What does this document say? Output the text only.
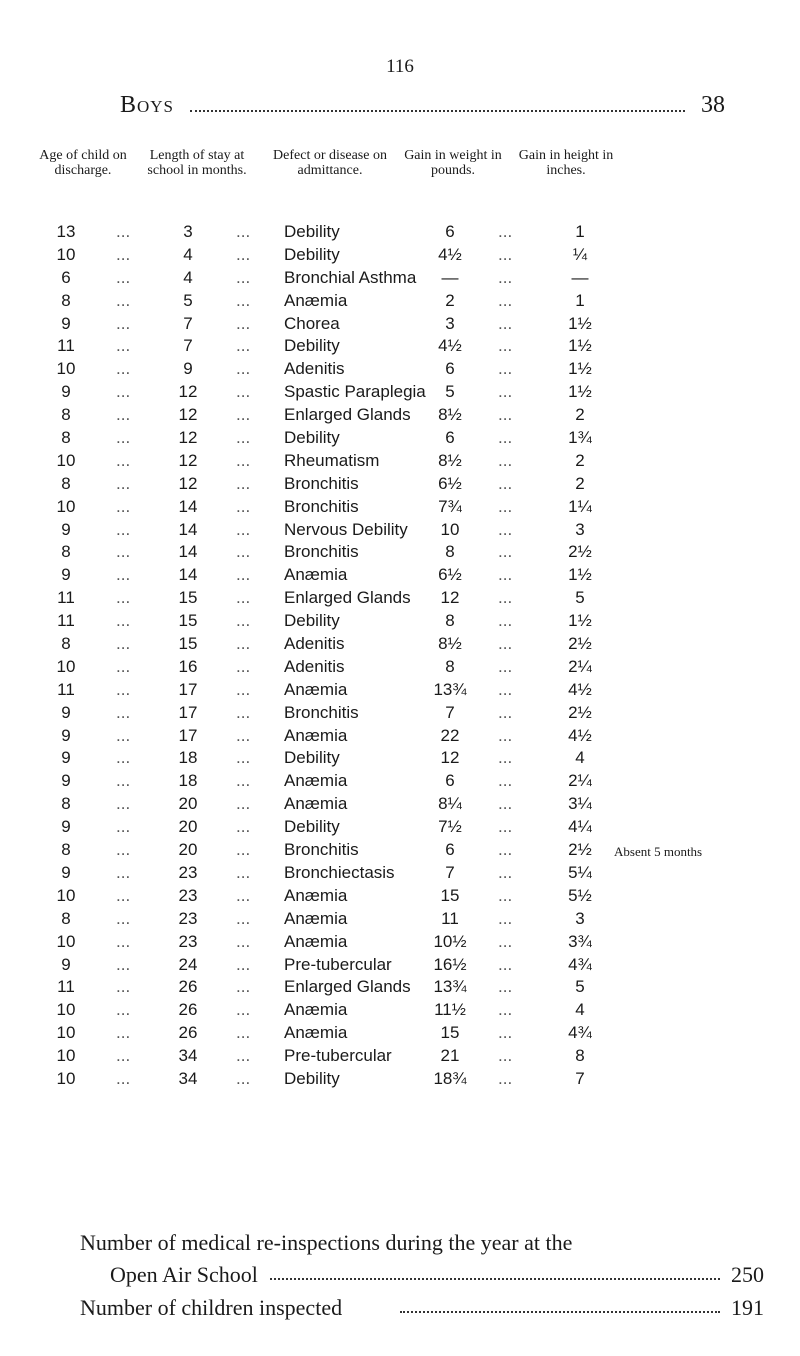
116
Boys	38
Age of child on discharge.
Length of stay at school in months.
Defect or disease on admittance.
Gain in weight in pounds.
Gain in height in inches.
13	...	3	... Debility	6	...	1
10	...	4	... Debility	4½	...	¼
6	...	4	... Bronchial Asthma	—	...	—
8	...	5	... Anæmia	2	...	1
9	...	7	... Chorea	3	...	1½
11	...	7	... Debility	4½	...	1½
10	...	9	... Adenitis	6	...	1½
9	...	12	... Spastic Paraplegia	5	...	1½
8	...	12	... Enlarged Glands	8½	...	2
8	...	12	... Debility	6	...	1¾
10	...	12	... Rheumatism	8½	...	2
8	...	12	... Bronchitis	6½	...	2
10	...	14	... Bronchitis	7¾	...	1¼
9	...	14	... Nervous Debility	10	...	3
8	...	14	... Bronchitis	8	...	2½
9	...	14	... Anæmia	6½	...	1½
11	...	15	... Enlarged Glands	12	...	5
11	...	15	... Debility	8	...	1½
8	...	15	... Adenitis	8½	...	2½
10	...	16	... Adenitis	8	...	2¼
11	...	17	... Anæmia	13¾	...	4½
9	...	17	... Bronchitis	7	...	2½
9	...	17	... Anæmia	22	...	4½
9	...	18	... Debility	12	...	4
9	...	18	... Anæmia	6	...	2¼
8	...	20	... Anæmia	8¼	...	3¼
9	...	20	... Debility	7½	...	4¼
8	...	20	... Bronchitis	6	...	2½	Absent 5 months
9	...	23	... Bronchiectasis	7	...	5¼
10	...	23	... Anæmia	15	...	5½
8	...	23	... Anæmia	11	...	3
10	...	23	... Anæmia	10½	...	3¾
9	...	24	... Pre-tubercular	16½	...	4¾
11	...	26	... Enlarged Glands	13¾	...	5
10	...	26	... Anæmia	11½	...	4
10	...	26	... Anæmia	15	...	4¾
10	...	34	... Pre-tubercular	21	...	8
10	...	34	... Debility	18¾	...	7
Number of medical re-inspections during the year at the
Open Air School	250
Number of children inspected	191
